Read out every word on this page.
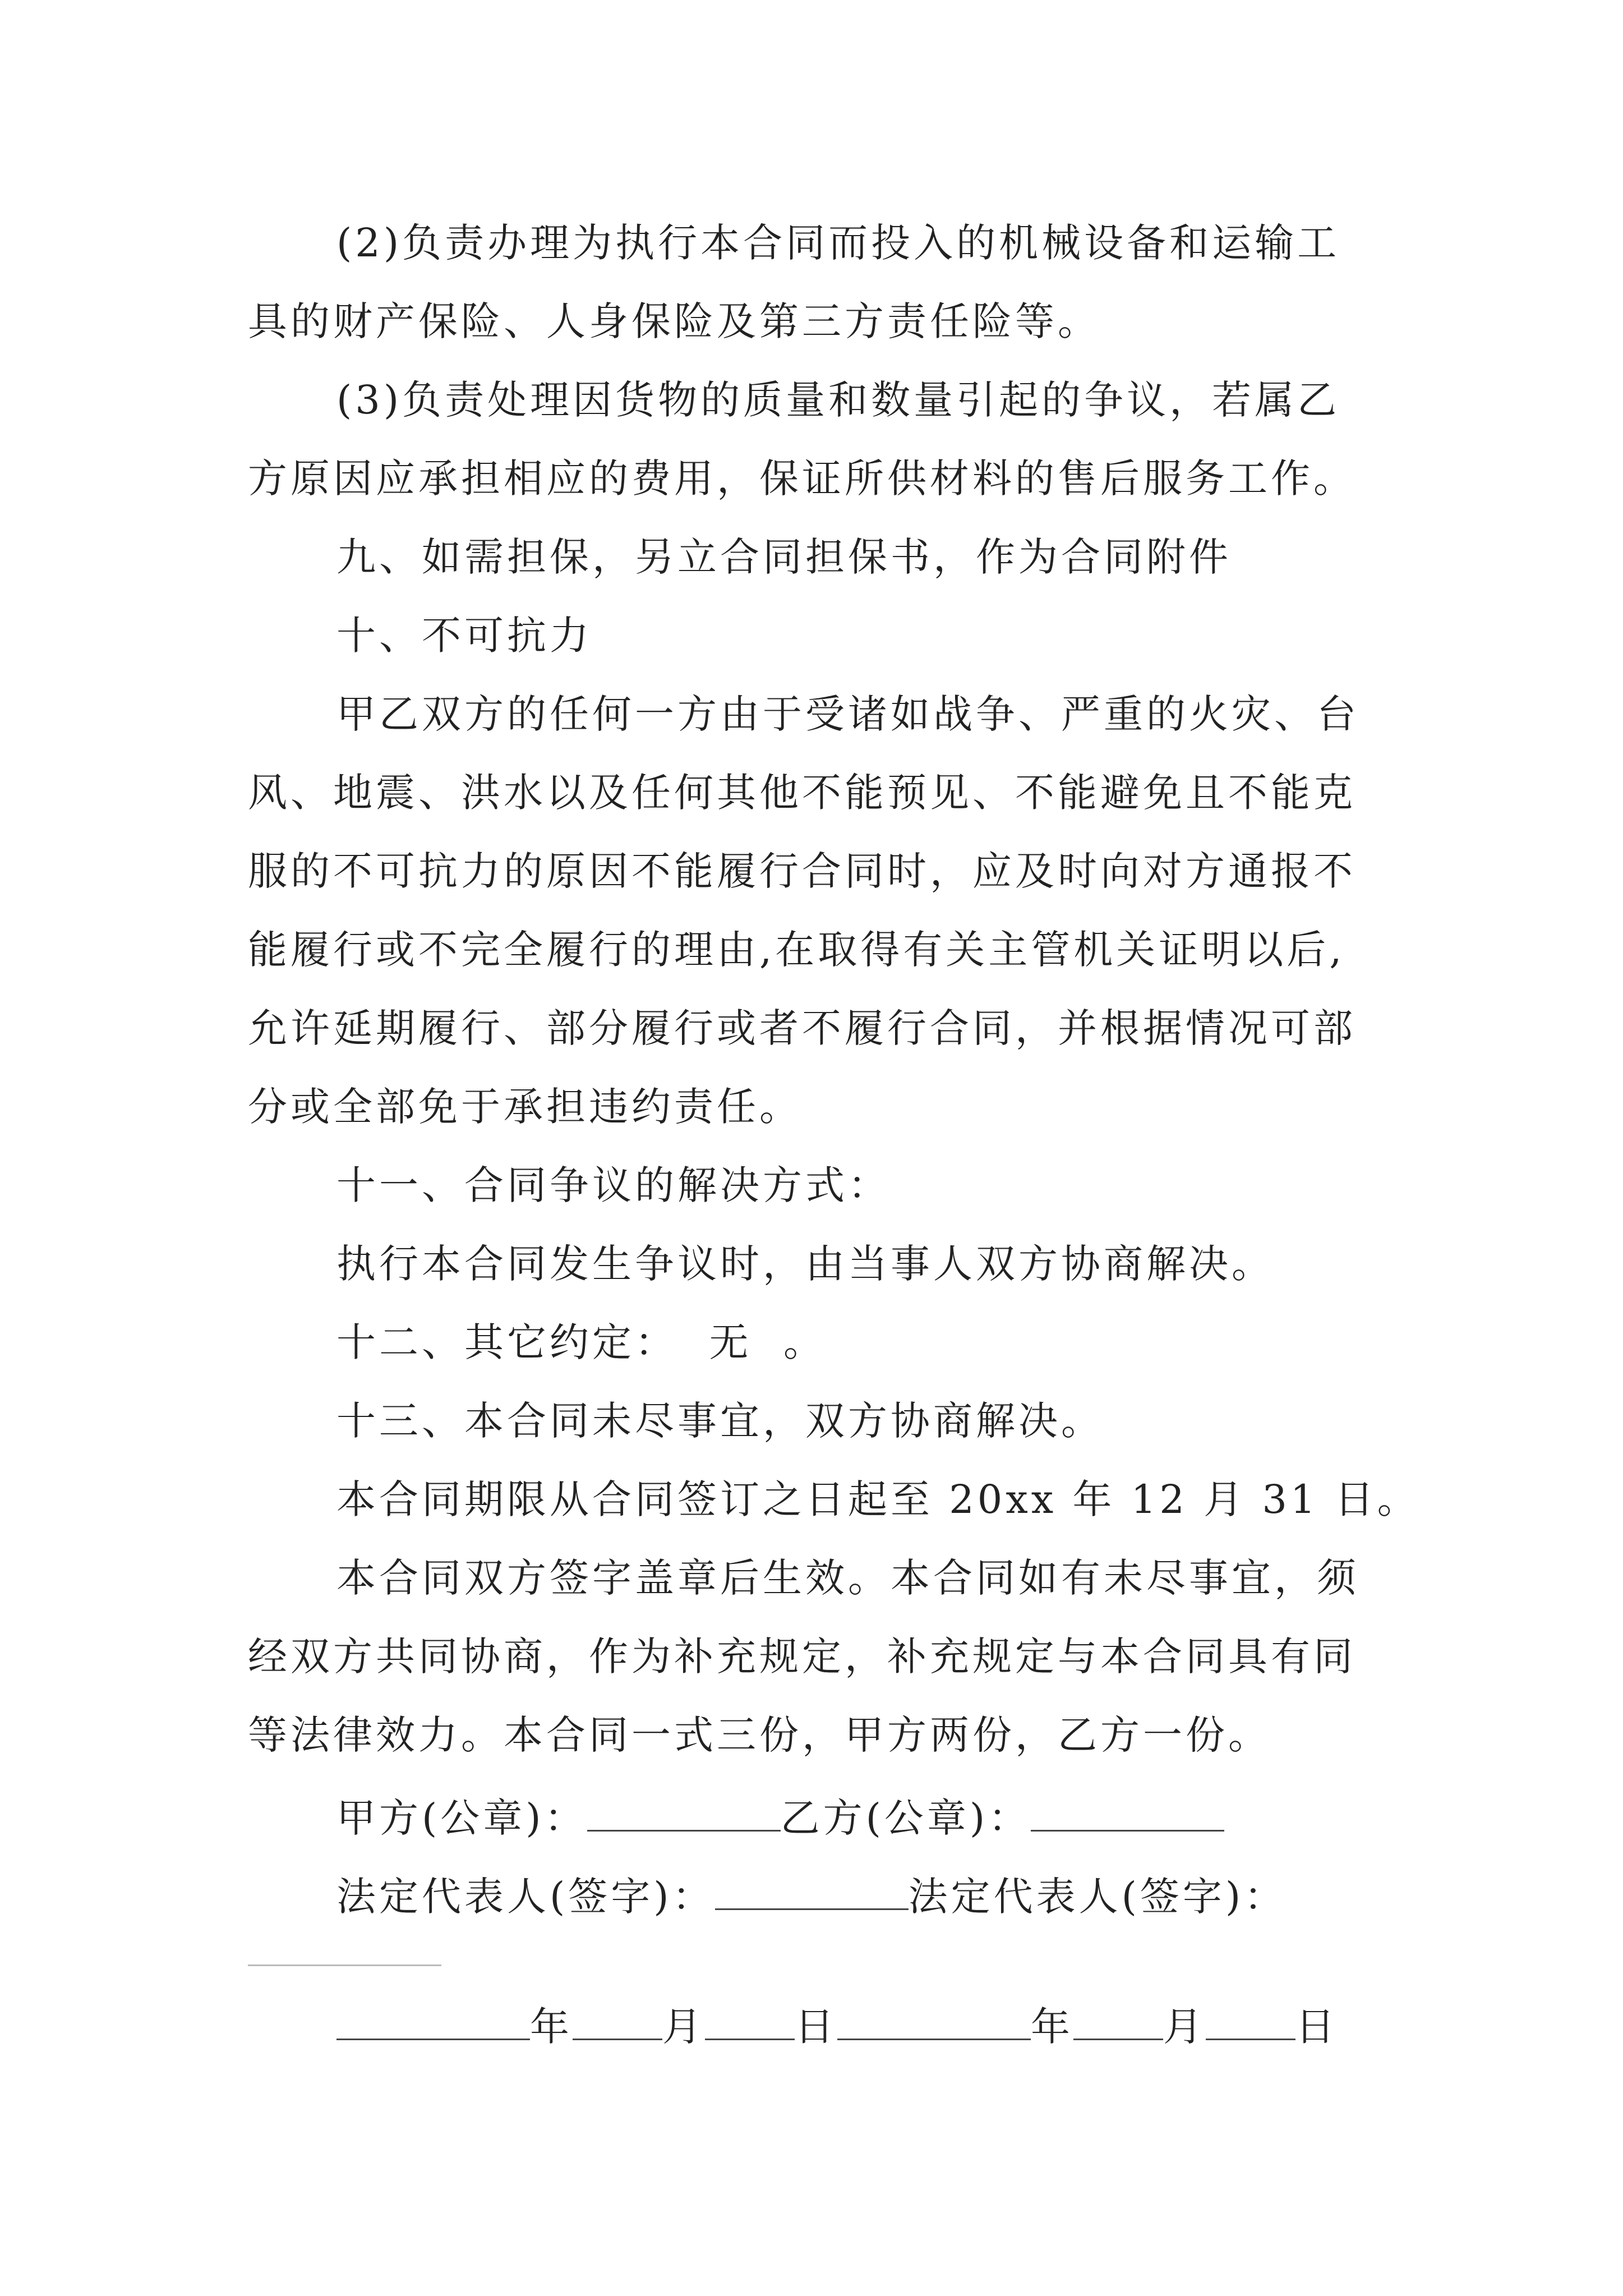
(2)负责办理为执行本合同而投入的机械设备和运输工
具的财产保险、人身保险及第三方责任险等。
(3)负责处理因货物的质量和数量引起的争议，若属乙
方原因应承担相应的费用，保证所供材料的售后服务工作。
九、如需担保，另立合同担保书，作为合同附件
十、不可抗力
甲乙双方的任何一方由于受诸如战争、严重的火灾、台
风、地震、洪水以及任何其他不能预见、不能避免且不能克
服的不可抗力的原因不能履行合同时，应及时向对方通报不
能履行或不完全履行的理由,在取得有关主管机关证明以后,
允许延期履行、部分履行或者不履行合同，并根据情况可部
分或全部免于承担违约责任。
十一、合同争议的解决方式：
执行本合同发生争议时，由当事人双方协商解决。
十二、其它约定：  无  。
十三、本合同未尽事宜，双方协商解决。
本合同期限从合同签订之日起至 20xx 年 12 月 31 日。
本合同双方签字盖章后生效。本合同如有未尽事宜，须
经双方共同协商，作为补充规定，补充规定与本合同具有同
等法律效力。本合同一式三份，甲方两份，乙方一份。
甲方(公章)：	乙方(公章)：
法定代表人(签字)：	法定代表人(签字)：
年 月 日	年 月 日
